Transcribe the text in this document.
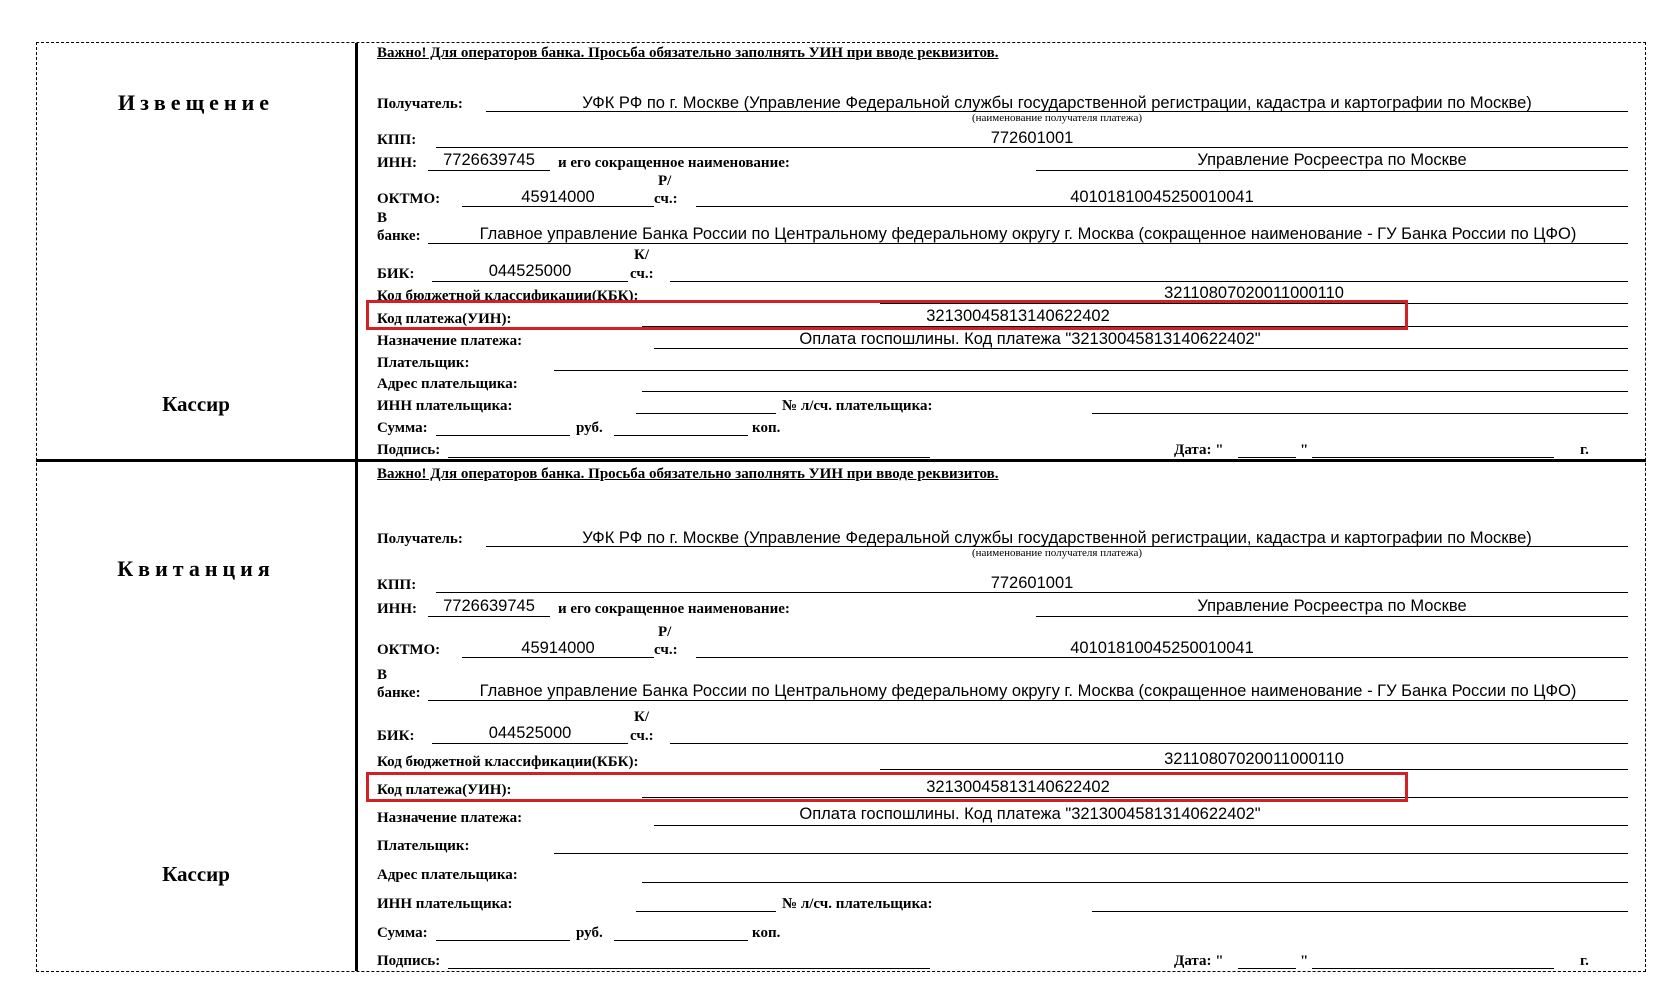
Извещение
Кассир
Квитанция
Кассир
Важно! Для операторов банка. Просьба обязательно заполнять УИН при вводе реквизитов.
Получатель:	УФК РФ по г. Москве (Управление Федеральной службы государственной регистрации, кадастра и картографии по Москве)
(наименование получателя платежа)
КПП:	772601001
ИНН:	7726639745	и его сокращенное наименование:	Управление Росреестра по Москве
ОКТМО:	45914000
Р/
сч.:	40101810045250010041
В
банке:	Главное управление Банка России по Центральному федеральному округу г. Москва (сокращенное наименование - ГУ Банка России по ЦФО)
БИК:	044525000
К/
сч.:
Код бюджетной классификации(КБК):	32110807020011000110
Код платежа(УИН):	32130045813140622402
Назначение платежа:	Оплата госпошлины. Код платежа "32130045813140622402"
Плательщик:
Адрес плательщика:
ИНН плательщика:	№ л/сч. плательщика:
Сумма:	руб.	коп.
Подпись:	Дата: "	"	г.
Важно! Для операторов банка. Просьба обязательно заполнять УИН при вводе реквизитов.
Получатель:	УФК РФ по г. Москве (Управление Федеральной службы государственной регистрации, кадастра и картографии по Москве)
(наименование получателя платежа)
КПП:	772601001
ИНН:	7726639745	и его сокращенное наименование:	Управление Росреестра по Москве
ОКТМО:	45914000
Р/
сч.:	40101810045250010041
В
банке:	Главное управление Банка России по Центральному федеральному округу г. Москва (сокращенное наименование - ГУ Банка России по ЦФО)
БИК:	044525000
К/
сч.:
Код бюджетной классификации(КБК):	32110807020011000110
Код платежа(УИН):	32130045813140622402
Назначение платежа:	Оплата госпошлины. Код платежа "32130045813140622402"
Плательщик:
Адрес плательщика:
ИНН плательщика:	№ л/сч. плательщика:
Сумма:	руб.	коп.
Подпись:	Дата: "	"	г.
